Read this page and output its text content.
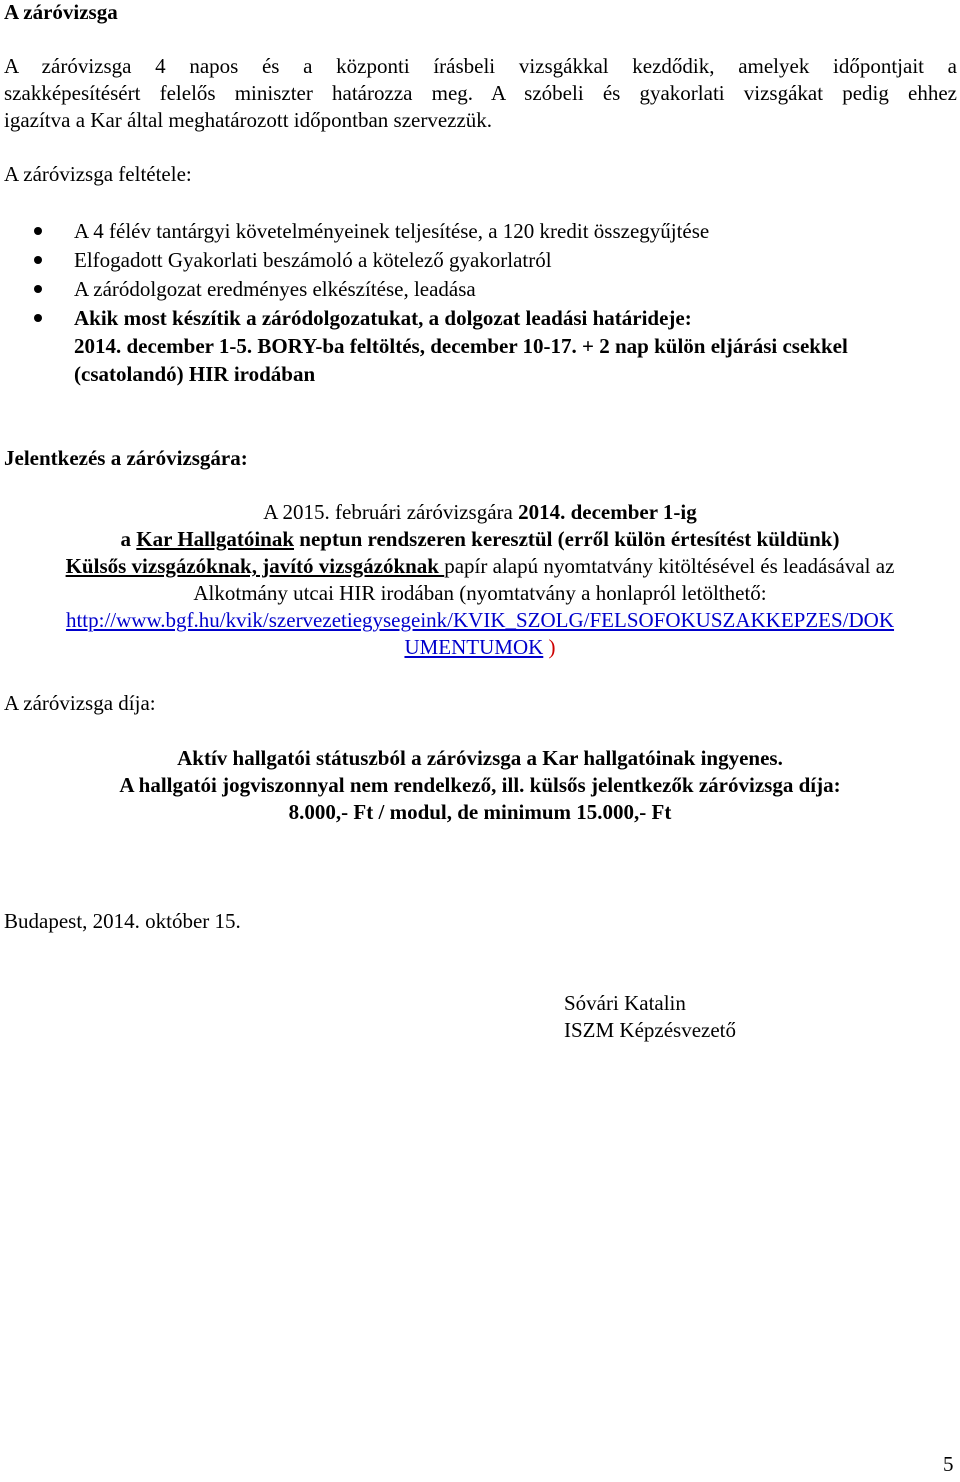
A záróvizsga
A záróvizsga 4 napos és a központi írásbeli vizsgákkal kezdődik, amelyek időpontjait a
szakképesítésért felelős miniszter határozza meg. A szóbeli és gyakorlati vizsgákat pedig ehhez
igazítva a Kar által meghatározott időpontban szervezzük.
A záróvizsga feltétele:
A 4 félév tantárgyi követelményeinek teljesítése, a 120 kredit összegyűjtése
Elfogadott Gyakorlati beszámoló a kötelező gyakorlatról
A záródolgozat eredményes elkészítése, leadása
Akik most készítik a záródolgozatukat, a dolgozat leadási határideje:
2014. december 1-5. BORY-ba feltöltés, december 10-17. + 2 nap külön eljárási csekkel
(csatolandó) HIR irodában
Jelentkezés a záróvizsgára:
A 2015. februári záróvizsgára 2014. december 1-ig
a Kar Hallgatóinak neptun rendszeren keresztül (erről külön értesítést küldünk)
Külsős vizsgázóknak, javító vizsgázóknak papír alapú nyomtatvány kitöltésével és leadásával az
Alkotmány utcai HIR irodában (nyomtatvány a honlapról letölthető:
http://www.bgf.hu/kvik/szervezetiegysegeink/KVIK_SZOLG/FELSOFOKUSZAKKEPZES/DOK
UMENTUMOK )
A záróvizsga díja:
Aktív hallgatói státuszból a záróvizsga a Kar hallgatóinak ingyenes.
A hallgatói jogviszonnyal nem rendelkező, ill. külsős jelentkezők záróvizsga díja:
8.000,- Ft / modul, de minimum 15.000,- Ft
Budapest, 2014. október 15.
Sóvári Katalin
ISZM Képzésvezető
5
